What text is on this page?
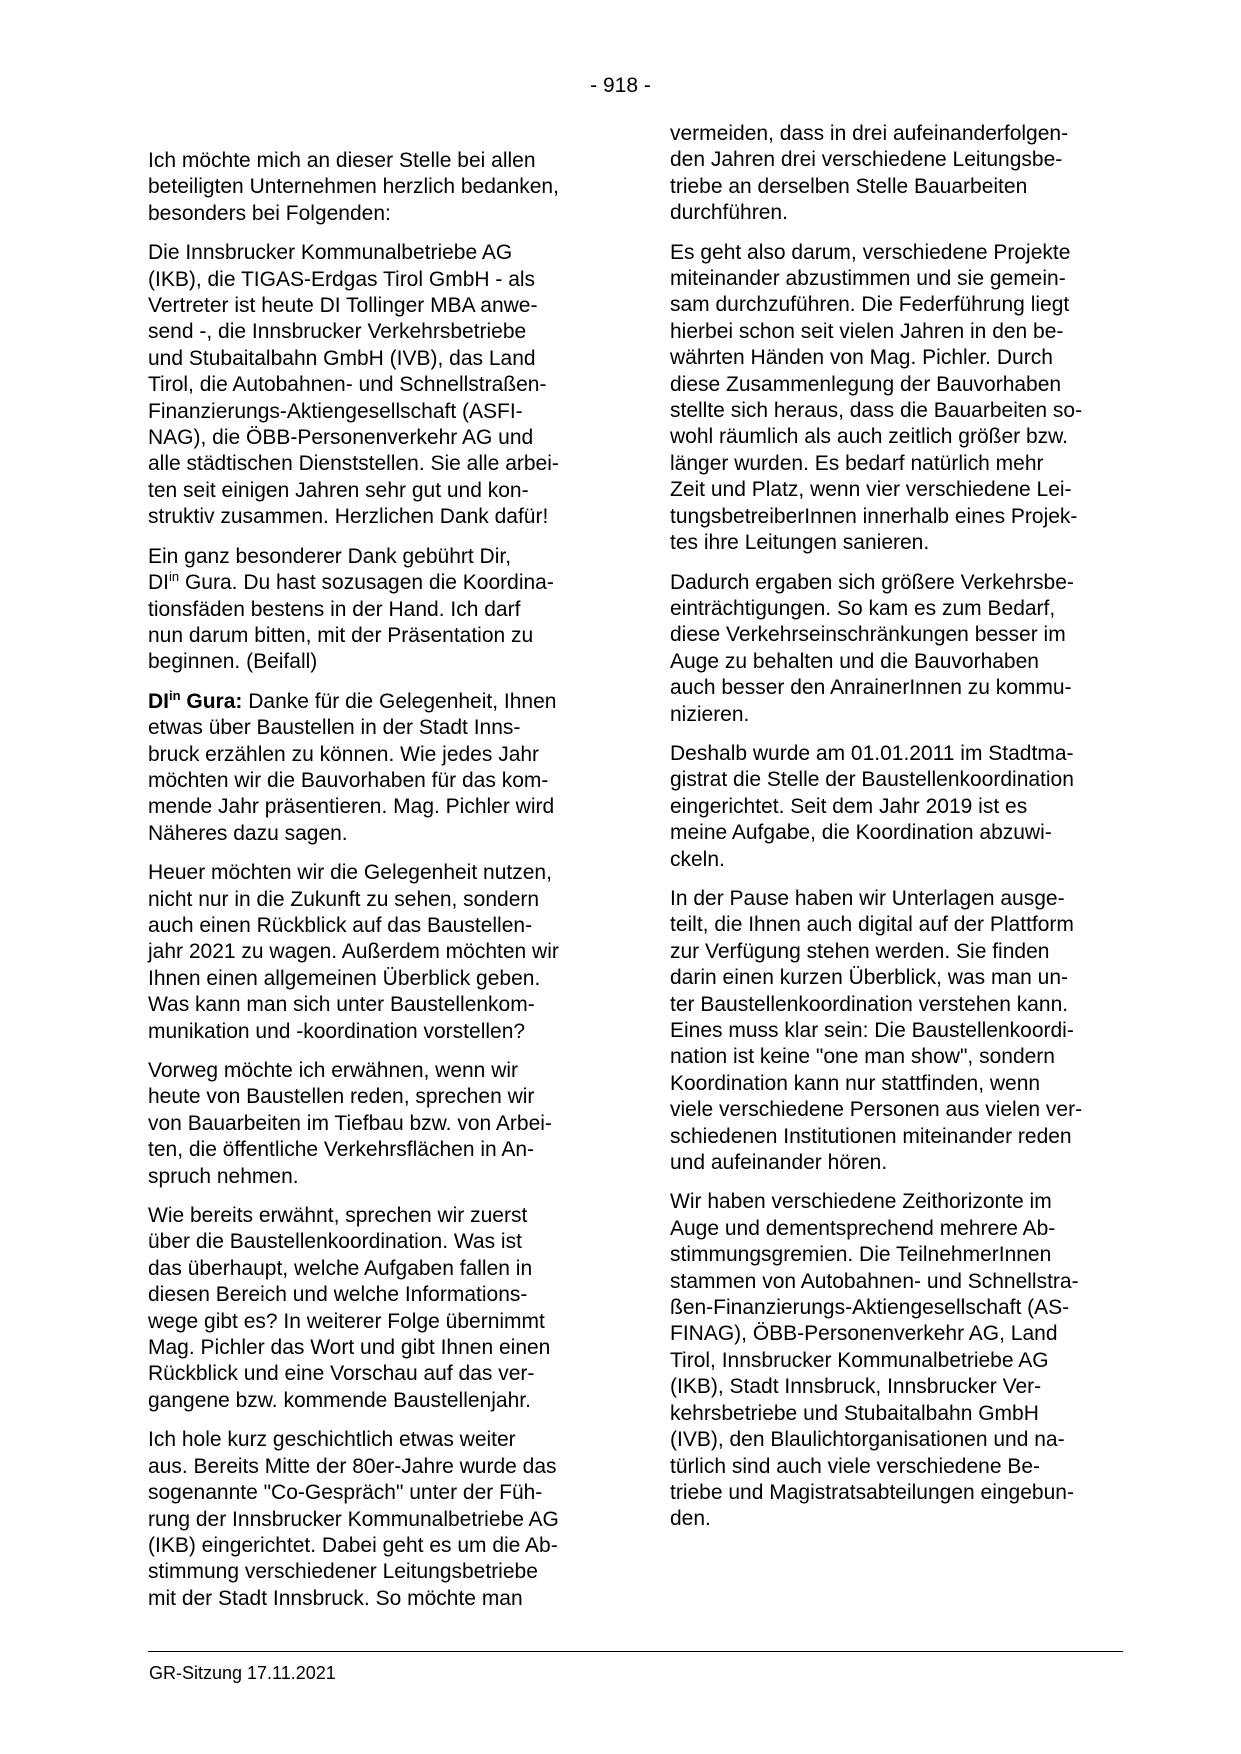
- 918 -

Ich möchte mich an dieser Stelle bei allen
beteiligten Unternehmen herzlich bedanken,
besonders bei Folgenden:

Die Innsbrucker Kommunalbetriebe AG
(IKB), die TIGAS-Erdgas Tirol GmbH - als
Vertreter ist heute DI Tollinger MBA anwe-
send -, die Innsbrucker Verkehrsbetriebe
und Stubaitalbahn GmbH (IVB), das Land
Tirol, die Autobahnen- und Schnellstraßen-
Finanzierungs-Aktiengesellschaft (ASFI-
NAG), die ÖBB-Personenverkehr AG und
alle städtischen Dienststellen. Sie alle arbei-
ten seit einigen Jahren sehr gut und kon-
struktiv zusammen. Herzlichen Dank dafür!

Ein ganz besonderer Dank gebührt Dir,
$DI^{in}$ Gura. Du hast sozusagen die Koordina-
tionsfäden bestens in der Hand. Ich darf
nun darum bitten, mit der Präsentation zu
beginnen. (Beifall)

$DI^{in}$ Gura: Danke für die Gelegenheit, Ihnen
etwas über Baustellen in der Stadt Inns-
bruck erzählen zu können. Wie jedes Jahr
möchten wir die Bauvorhaben für das kom-
mende Jahr präsentieren. Mag. Pichler wird
Näheres dazu sagen.

Heuer möchten wir die Gelegenheit nutzen,
nicht nur in die Zukunft zu sehen, sondern
auch einen Rückblick auf das Baustellen-
jahr 2021 zu wagen. Außerdem möchten wir
Ihnen einen allgemeinen Überblick geben.
Was kann man sich unter Baustellenkom-
munikation und -koordination vorstellen?

Vorweg möchte ich erwähnen, wenn wir
heute von Baustellen reden, sprechen wir
von Bauarbeiten im Tiefbau bzw. von Arbei-
ten, die öffentliche Verkehrsflächen in An-
spruch nehmen.

Wie bereits erwähnt, sprechen wir zuerst
über die Baustellenkoordination. Was ist
das überhaupt, welche Aufgaben fallen in
diesen Bereich und welche Informations-
wege gibt es? In weiterer Folge übernimmt
Mag. Pichler das Wort und gibt Ihnen einen
Rückblick und eine Vorschau auf das ver-
gangene bzw. kommende Baustellenjahr.

Ich hole kurz geschichtlich etwas weiter
aus. Bereits Mitte der 80er-Jahre wurde das
sogenannte "Co-Gespräch" unter der Füh-
rung der Innsbrucker Kommunalbetriebe AG
(IKB) eingerichtet. Dabei geht es um die Ab-
stimmung verschiedener Leitungsbetriebe
mit der Stadt Innsbruck. So möchte man

vermeiden, dass in drei aufeinanderfolgen-
den Jahren drei verschiedene Leitungsbe-
triebe an derselben Stelle Bauarbeiten
durchführen.

Es geht also darum, verschiedene Projekte
miteinander abzustimmen und sie gemein-
sam durchzuführen. Die Federführung liegt
hierbei schon seit vielen Jahren in den be-
währten Händen von Mag. Pichler. Durch
diese Zusammenlegung der Bauvorhaben
stellte sich heraus, dass die Bauarbeiten so-
wohl räumlich als auch zeitlich größer bzw.
länger wurden. Es bedarf natürlich mehr
Zeit und Platz, wenn vier verschiedene Lei-
tungsbetreiberInnen innerhalb eines Projek-
tes ihre Leitungen sanieren.

Dadurch ergaben sich größere Verkehrsbe-
einträchtigungen. So kam es zum Bedarf,
diese Verkehrseinschränkungen besser im
Auge zu behalten und die Bauvorhaben
auch besser den AnrainerInnen zu kommu-
nizieren.

Deshalb wurde am 01.01.2011 im Stadtma-
gistrat die Stelle der Baustellenkoordination
eingerichtet. Seit dem Jahr 2019 ist es
meine Aufgabe, die Koordination abzuwi-
ckeln.

In der Pause haben wir Unterlagen ausge-
teilt, die Ihnen auch digital auf der Plattform
zur Verfügung stehen werden. Sie finden
darin einen kurzen Überblick, was man un-
ter Baustellenkoordination verstehen kann.
Eines muss klar sein: Die Baustellenkoordi-
nation ist keine "one man show", sondern
Koordination kann nur stattfinden, wenn
viele verschiedene Personen aus vielen ver-
schiedenen Institutionen miteinander reden
und aufeinander hören.

Wir haben verschiedene Zeithorizonte im
Auge und dementsprechend mehrere Ab-
stimmungsgremien. Die TeilnehmerInnen
stammen von Autobahnen- und Schnellstra-
ßen-Finanzierungs-Aktiengesellschaft (AS-
FINAG), ÖBB-Personenverkehr AG, Land
Tirol, Innsbrucker Kommunalbetriebe AG
(IKB), Stadt Innsbruck, Innsbrucker Ver-
kehrsbetriebe und Stubaitalbahn GmbH
(IVB), den Blaulichtorganisationen und na-
türlich sind auch viele verschiedene Be-
triebe und Magistratsabteilungen eingebun-
den.

GR-Sitzung 17.11.2021
